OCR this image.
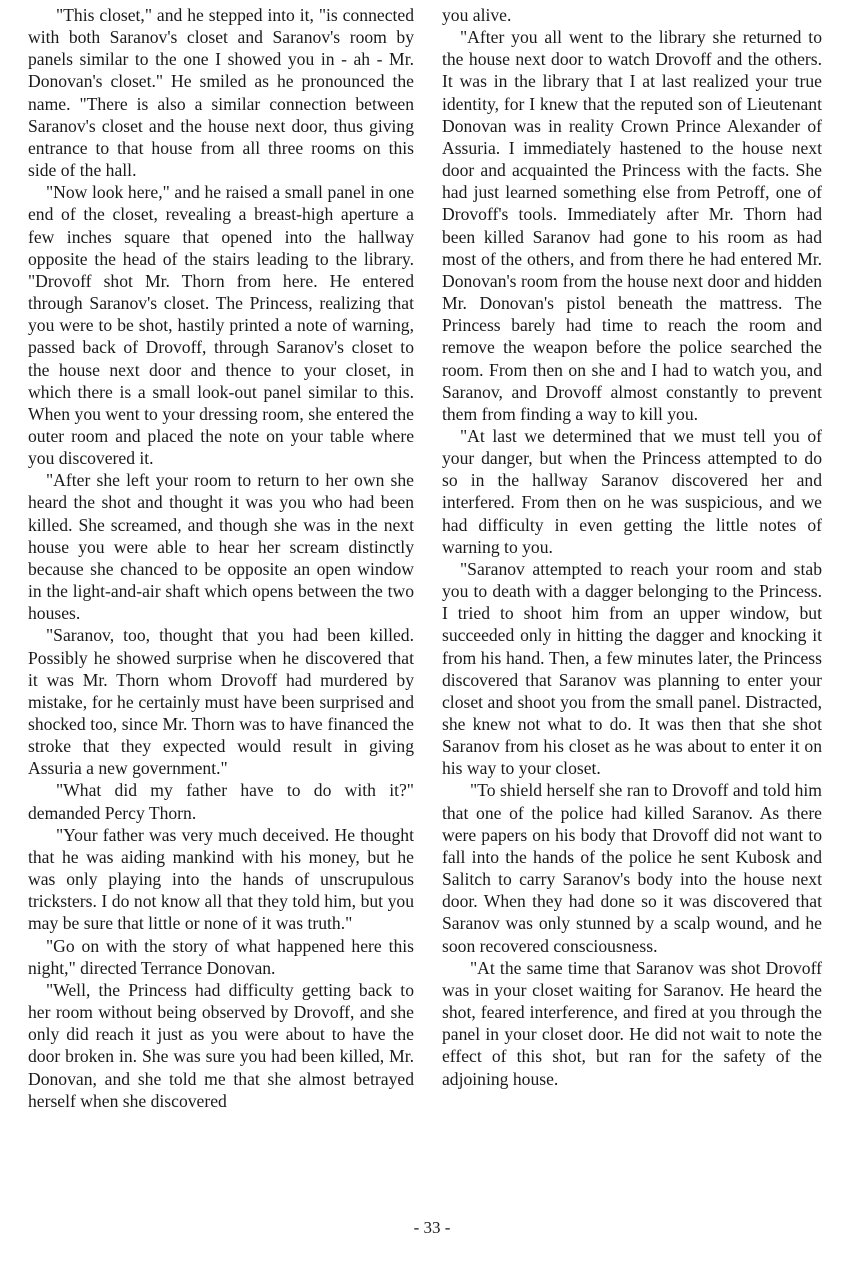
"This closet," and he stepped into it, "is connected with both Saranov's closet and Saranov's room by panels similar to the one I showed you in - ah - Mr. Donovan's closet." He smiled as he pronounced the name. "There is also a similar connection between Saranov's closet and the house next door, thus giving entrance to that house from all three rooms on this side of the hall.

"Now look here," and he raised a small panel in one end of the closet, revealing a breast-high aperture a few inches square that opened into the hallway opposite the head of the stairs leading to the library. "Drovoff shot Mr. Thorn from here. He entered through Saranov's closet. The Princess, realizing that you were to be shot, hastily printed a note of warning, passed back of Drovoff, through Saranov's closet to the house next door and thence to your closet, in which there is a small look-out panel similar to this. When you went to your dressing room, she entered the outer room and placed the note on your table where you discovered it.

"After she left your room to return to her own she heard the shot and thought it was you who had been killed. She screamed, and though she was in the next house you were able to hear her scream distinctly because she chanced to be opposite an open window in the light-and-air shaft which opens between the two houses.

"Saranov, too, thought that you had been killed. Possibly he showed surprise when he discovered that it was Mr. Thorn whom Drovoff had murdered by mistake, for he certainly must have been surprised and shocked too, since Mr. Thorn was to have financed the stroke that they expected would result in giving Assuria a new government."

"What did my father have to do with it?" demanded Percy Thorn.

"Your father was very much deceived. He thought that he was aiding mankind with his money, but he was only playing into the hands of unscrupulous tricksters. I do not know all that they told him, but you may be sure that little or none of it was truth."

"Go on with the story of what happened here this night," directed Terrance Donovan.

"Well, the Princess had difficulty getting back to her room without being observed by Drovoff, and she only did reach it just as you were about to have the door broken in. She was sure you had been killed, Mr. Donovan, and she told me that she almost betrayed herself when she discovered

you alive.

"After you all went to the library she returned to the house next door to watch Drovoff and the others. It was in the library that I at last realized your true identity, for I knew that the reputed son of Lieutenant Donovan was in reality Crown Prince Alexander of Assuria. I immediately hastened to the house next door and acquainted the Princess with the facts. She had just learned something else from Petroff, one of Drovoff's tools. Immediately after Mr. Thorn had been killed Saranov had gone to his room as had most of the others, and from there he had entered Mr. Donovan's room from the house next door and hidden Mr. Donovan's pistol beneath the mattress. The Princess barely had time to reach the room and remove the weapon before the police searched the room. From then on she and I had to watch you, and Saranov, and Drovoff almost constantly to prevent them from finding a way to kill you.

"At last we determined that we must tell you of your danger, but when the Princess attempted to do so in the hallway Saranov discovered her and interfered. From then on he was suspicious, and we had difficulty in even getting the little notes of warning to you.

"Saranov attempted to reach your room and stab you to death with a dagger belonging to the Princess. I tried to shoot him from an upper window, but succeeded only in hitting the dagger and knocking it from his hand. Then, a few minutes later, the Princess discovered that Saranov was planning to enter your closet and shoot you from the small panel. Distracted, she knew not what to do. It was then that she shot Saranov from his closet as he was about to enter it on his way to your closet.

"To shield herself she ran to Drovoff and told him that one of the police had killed Saranov. As there were papers on his body that Drovoff did not want to fall into the hands of the police he sent Kubosk and Salitch to carry Saranov's body into the house next door. When they had done so it was discovered that Saranov was only stunned by a scalp wound, and he soon recovered consciousness.

"At the same time that Saranov was shot Drovoff was in your closet waiting for Saranov. He heard the shot, feared interference, and fired at you through the panel in your closet door. He did not wait to note the effect of this shot, but ran for the safety of the adjoining house.

- 33 -
